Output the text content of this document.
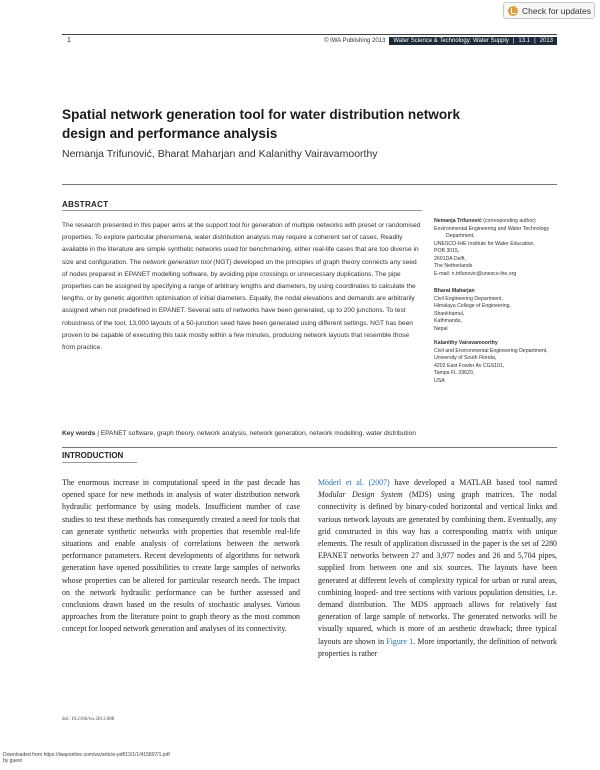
Check for updates
1	© IWA Publishing 2013 Water Science & Technology: Water Supply | 13.1 | 2013
Spatial network generation tool for water distribution network design and performance analysis
Nemanja Trifunović, Bharat Maharjan and Kalanithy Vairavamoorthy
ABSTRACT
The research presented in this paper aims at the support tool for generation of multiple networks with preset or randomised properties. To explore particular phenomena, water distribution analysis may require a coherent set of cases. Readily available in the literature are simple synthetic networks used for benchmarking, either real-life cases that are too diverse in size and configuration. The network generation tool (NGT) developed on the principles of graph theory connects any seed of nodes prepared in EPANET modelling software, by avoiding pipe crossings or unnecessary duplications. The pipe properties can be assigned by specifying a range of arbitrary lengths and diameters, by using coordinates to calculate the lengths, or by genetic algorithm optimisation of initial diameters. Equally, the nodal elevations and demands are arbitrarily assigned when not predefined in EPANET. Several sets of networks have been generated, up to 200 junctions. To test robustness of the tool, 13,000 layouts of a 50-junction seed have been generated using different settings. NGT has been proven to be capable of executing this task mostly within a few minutes, producing network layouts that resemble those from practice.
Key words | EPANET software, graph theory, network analysis, network generation, network modelling, water distribution
Nemanja Trifunović (corresponding author)
Environmental Engineering and Water Technology
Department,
UNESCO-IHE Institute for Water Education,
POB 3015,
2601DA Delft,
The Netherlands
E-mail: n.trifunovic@unesco-ihe.org
Bharat Maharjan
Civil Engineering Department,
Himalaya College of Engineering,
Shankhamul,
Kathmandu,
Nepal
Kalanithy Vairavamoorthy
Civil and Environmental Engineering Department,
University of South Florida,
4202 East Fowler Av CGS101,
Tampa FL 33620,
USA
INTRODUCTION

The enormous increase in computational speed in the past decade has opened space for new methods in analysis of water distribution network hydraulic performance by using models. Insufficient number of case studies to test these methods has consequently created a need for tools that can generate synthetic networks with properties that resemble real-life situations and enable analysis of correlations between the network performance parameters. Recent developments of algorithms for network generation have opened possibilities to create large samples of networks whose properties can be altered for particular research needs. The impact on the network hydraulic performance can be further assessed and conclusions drawn based on the results of stochastic analyses. Various approaches from the literature point to graph theory as the most common concept for looped network generation and analyses of its connectivity.

Möderl et al. (2007) have developed a MATLAB based tool named Modular Design System (MDS) using graph matrices. The nodal connectivity is defined by binary-coded horizontal and vertical links and various network layouts are generated by combining them. Eventually, any grid constructed in this way has a corresponding matrix with unique elements. The result of application discussed in the paper is the set of 2280 EPANET networks between 27 and 3,977 nodes and 26 and 5,704 pipes, supplied from between one and six sources. The layouts have been generated at different levels of complexity typical for urban or rural areas, combining looped- and tree sections with various population densities, i.e. demand distribution. The MDS approach allows for relatively fast generation of large sample of networks. The generated networks will be visually squared, which is more of an aesthetic drawback; three typical layouts are shown in Figure 1. More importantly, the definition of network properties is rather

doi: 10.2166/ws.2013.008
Downloaded from https://iwaponline.com/ws/article-pdf/13/1/1/415897/1.pdf
by guest
